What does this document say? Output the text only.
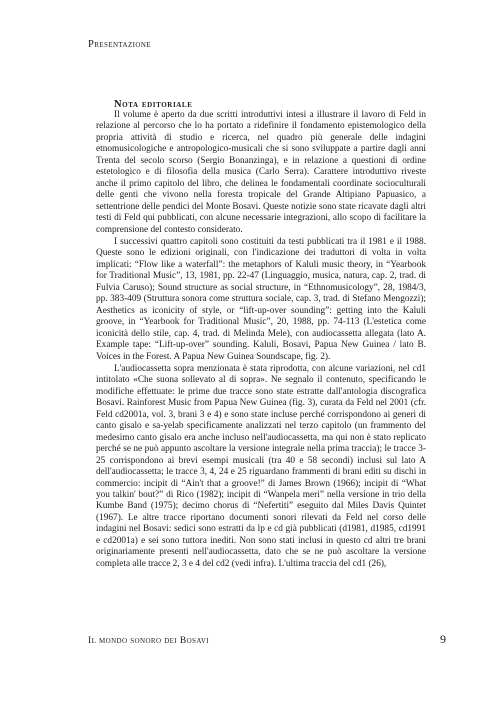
Presentazione
Nota editoriale

Il volume è aperto da due scritti introduttivi intesi a illustrare il lavoro di Feld in relazione al percorso che lo ha portato a ridefinire il fondamento epistemologico della propria attività di studio e ricerca, nel quadro più generale delle indagini etnomusicologiche e antropologico-musicali che si sono sviluppate a partire dagli anni Trenta del secolo scorso (Sergio Bonanzinga), e in relazione a questioni di ordine estetologico e di filosofia della musica (Carlo Serra). Carattere introduttivo riveste anche il primo capitolo del libro, che delinea le fondamentali coordinate socioculturali delle genti che vivono nella foresta tropicale del Grande Altipiano Papuasico, a settentrione delle pendici del Monte Bosavi. Queste notizie sono state ricavate dagli altri testi di Feld qui pubblicati, con alcune necessarie integrazioni, allo scopo di facilitare la comprensione del contesto considerato.

I successivi quattro capitoli sono costituiti da testi pubblicati tra il 1981 e il 1988. Queste sono le edizioni originali, con l'indicazione dei traduttori di volta in volta implicati: “Flow like a waterfall”: the metaphors of Kaluli music theory, in “Yearbook for Traditional Music”, 13, 1981, pp. 22-47 (Linguaggio, musica, natura, cap. 2, trad. di Fulvia Caruso); Sound structure as social structure, in “Ethnomusicology”, 28, 1984/3, pp. 383-409 (Struttura sonora come struttura sociale, cap. 3, trad. di Stefano Mengozzi); Aesthetics as iconicity of style, or “lift-up-over sounding”: getting into the Kaluli groove, in “Yearbook for Traditional Music”, 20, 1988, pp. 74-113 (L'estetica come iconicità dello stile, cap. 4, trad. di Melinda Mele), con audiocassetta allegata (lato A. Example tape: “Lift-up-over” sounding. Kaluli, Bosavi, Papua New Guinea / lato B. Voices in the Forest. A Papua New Guinea Soundscape, fig. 2).

L'audiocassetta sopra menzionata è stata riprodotta, con alcune variazioni, nel cd1 intitolato «Che suona sollevato al di sopra». Ne segnalo il contenuto, specificando le modifiche effettuate: le prime due tracce sono state estratte dall'antologia discografica Bosavi. Rainforest Music from Papua New Guinea (fig. 3), curata da Feld nel 2001 (cfr. Feld cd2001a, vol. 3, brani 3 e 4) e sono state incluse perché corrispondono ai generi di canto gisalo e sa-yelab specificamente analizzati nel terzo capitolo (un frammento del medesimo canto gisalo era anche incluso nell'audiocassetta, ma qui non è stato replicato perché se ne può appunto ascoltare la versione integrale nella prima traccia); le tracce 3-25 corrispondono ai brevi esempi musicali (tra 40 e 58 secondi) inclusi sul lato A dell'audiocassetta; le tracce 3, 4, 24 e 25 riguardano frammenti di brani editi su dischi in commercio: incipit di “Ain't that a groove!” di James Brown (1966); incipit di “What you talkin' bout?” di Rico (1982); incipit di “Wanpela meri” nella versione in trio della Kumbe Band (1975); decimo chorus di “Nefertiti” eseguito dal Miles Davis Quintet (1967). Le altre tracce riportano documenti sonori rilevati da Feld nel corso delle indagini nel Bosavi: sedici sono estratti da lp e cd già pubblicati (d1981, d1985, cd1991 e cd2001a) e sei sono tuttora inediti. Non sono stati inclusi in questo cd altri tre brani originariamente presenti nell'audiocassetta, dato che se ne può ascoltare la versione completa alle tracce 2, 3 e 4 del cd2 (vedi infra). L'ultima traccia del cd1 (26),

Il mondo sonoro dei Bosavi	9
